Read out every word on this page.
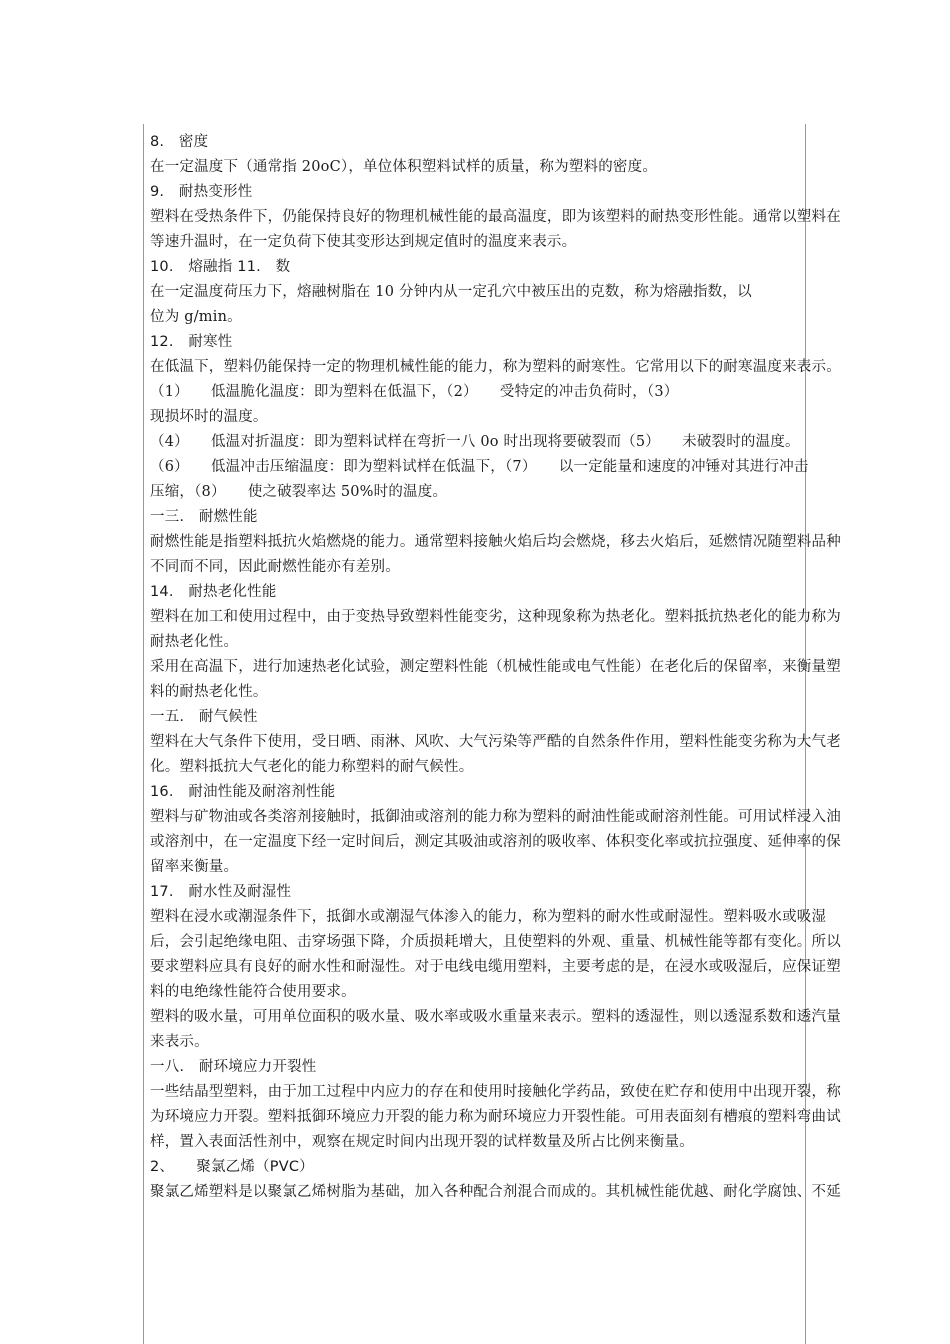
8.　密度
在一定温度下（通常指 20oC），单位体积塑料试样的质量，称为塑料的密度。
9.　耐热变形性
塑料在受热条件下，仍能保持良好的物理机械性能的最高温度，即为该塑料的耐热变形性能。通常以塑料在
等速升温时，在一定负荷下使其变形达到规定值时的温度来表示。
10.　熔融指 11.　数
在一定温度荷压力下，熔融树脂在 10 分钟内从一定孔穴中被压出的克数，称为熔融指数，以
位为 g/min。
12.　耐寒性
在低温下，塑料仍能保持一定的物理机械性能的能力，称为塑料的耐寒性。它常用以下的耐寒温度来表示。
（1）　　低温脆化温度：即为塑料在低温下，（2）　　受特定的冲击负荷时，（3）
现损坏时的温度。
（4）　　低温对折温度：即为塑料试样在弯折一八 0o 时出现将要破裂而（5）　　未破裂时的温度。
（6）　　低温冲击压缩温度：即为塑料试样在低温下，（7）　　以一定能量和速度的冲锤对其进行冲击
压缩，（8）　　使之破裂率达 50%时的温度。
一三.　耐燃性能
耐燃性能是指塑料抵抗火焰燃烧的能力。通常塑料接触火焰后均会燃烧，移去火焰后，延燃情况随塑料品种
不同而不同，因此耐燃性能亦有差别。
14.　耐热老化性能
塑料在加工和使用过程中，由于变热导致塑料性能变劣，这种现象称为热老化。塑料抵抗热老化的能力称为
耐热老化性。
采用在高温下，进行加速热老化试验，测定塑料性能（机械性能或电气性能）在老化后的保留率，来衡量塑
料的耐热老化性。
一五.　耐气候性
塑料在大气条件下使用，受日晒、雨淋、风吹、大气污染等严酷的自然条件作用，塑料性能变劣称为大气老
化。塑料抵抗大气老化的能力称塑料的耐气候性。
16.　耐油性能及耐溶剂性能
塑料与矿物油或各类溶剂接触时，抵御油或溶剂的能力称为塑料的耐油性能或耐溶剂性能。可用试样浸入油
或溶剂中，在一定温度下经一定时间后，测定其吸油或溶剂的吸收率、体积变化率或抗拉强度、延伸率的保
留率来衡量。
17.　耐水性及耐湿性
塑料在浸水或潮湿条件下，抵御水或潮湿气体渗入的能力，称为塑料的耐水性或耐湿性。塑料吸水或吸湿
后，会引起绝缘电阻、击穿场强下降，介质损耗增大，且使塑料的外观、重量、机械性能等都有变化。所以
要求塑料应具有良好的耐水性和耐湿性。对于电线电缆用塑料，主要考虑的是，在浸水或吸湿后，应保证塑
料的电绝缘性能符合使用要求。
塑料的吸水量，可用单位面积的吸水量、吸水率或吸水重量来表示。塑料的透湿性，则以透湿系数和透汽量
来表示。
一八.　耐环境应力开裂性
一些结晶型塑料，由于加工过程中内应力的存在和使用时接触化学药品，致使在贮存和使用中出现开裂，称
为环境应力开裂。塑料抵御环境应力开裂的能力称为耐环境应力开裂性能。可用表面刻有槽痕的塑料弯曲试
样，置入表面活性剂中，观察在规定时间内出现开裂的试样数量及所占比例来衡量。
2、　　聚氯乙烯（PVC）
聚氯乙烯塑料是以聚氯乙烯树脂为基础，加入各种配合剂混合而成的。其机械性能优越、耐化学腐蚀、不延
